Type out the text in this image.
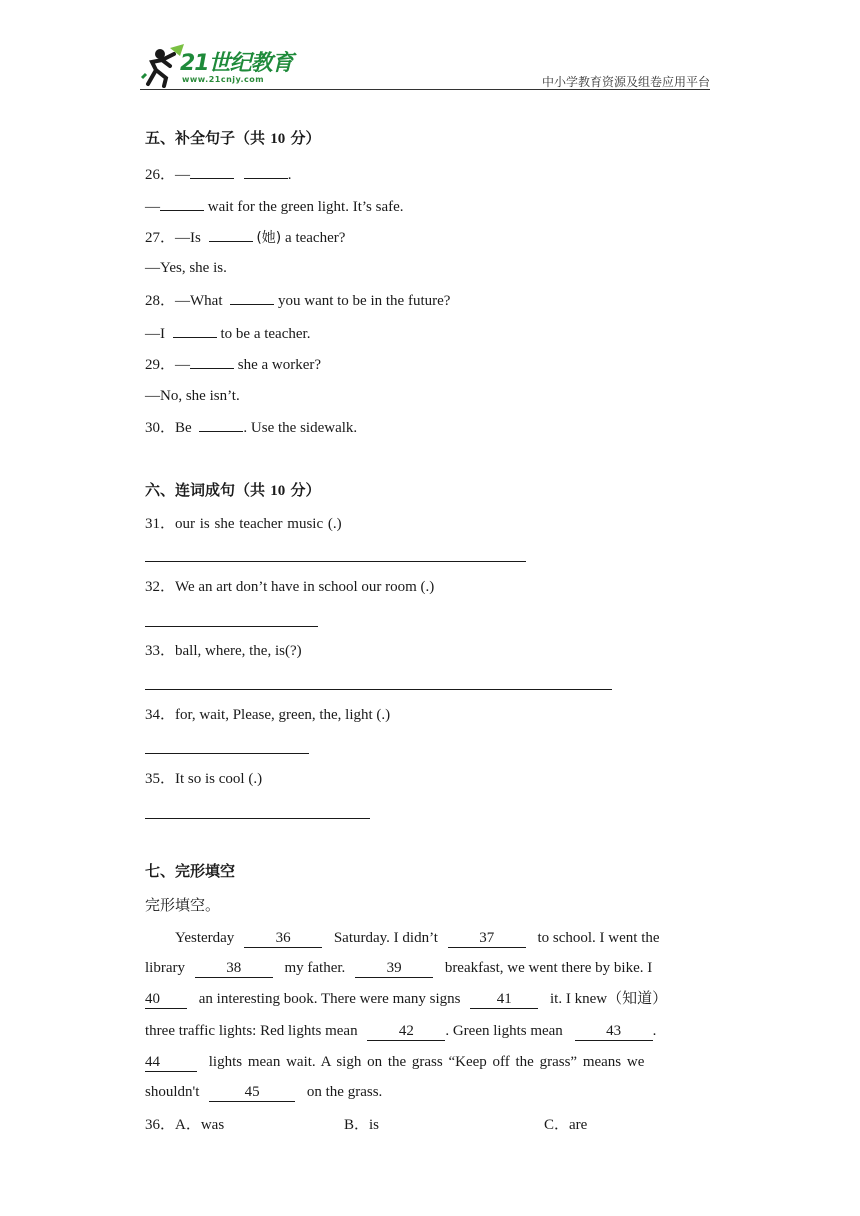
21世纪教育
www.21cnjy.com	中小学教育资源及组卷应用平台
五、补全句子（共 10 分）
26．—	.
—	wait for the green light. It’s safe.
27．—Is	(她) a teacher?
—Yes, she is.
28．—What	you want to be in the future?
—I	to be a teacher.
29．—	she a worker?
—No, she isn’t.
30．Be	. Use the sidewalk.
六、连词成句（共 10 分）
31．our is she teacher music (.)
32．We an art don’t have in school our room (.)
33．ball, where, the, is(?)
34．for, wait, Please, green, the, light (.)
35．It so is cool (.)
七、完形填空
完形填空。
Yesterday	36	Saturday. I didn’t	37	to school. I went the
library	38	my father.	39	breakfast, we went there by bike. I
40	an interesting book. There were many signs 41	it. I knew（知道）
three traffic lights: Red lights mean	42 . Green lights mean	43 .
44	lights mean wait. A sigh on the grass “Keep off the grass” means we
shouldn't	45	on the grass.
36．A．was	B．is	C．are
